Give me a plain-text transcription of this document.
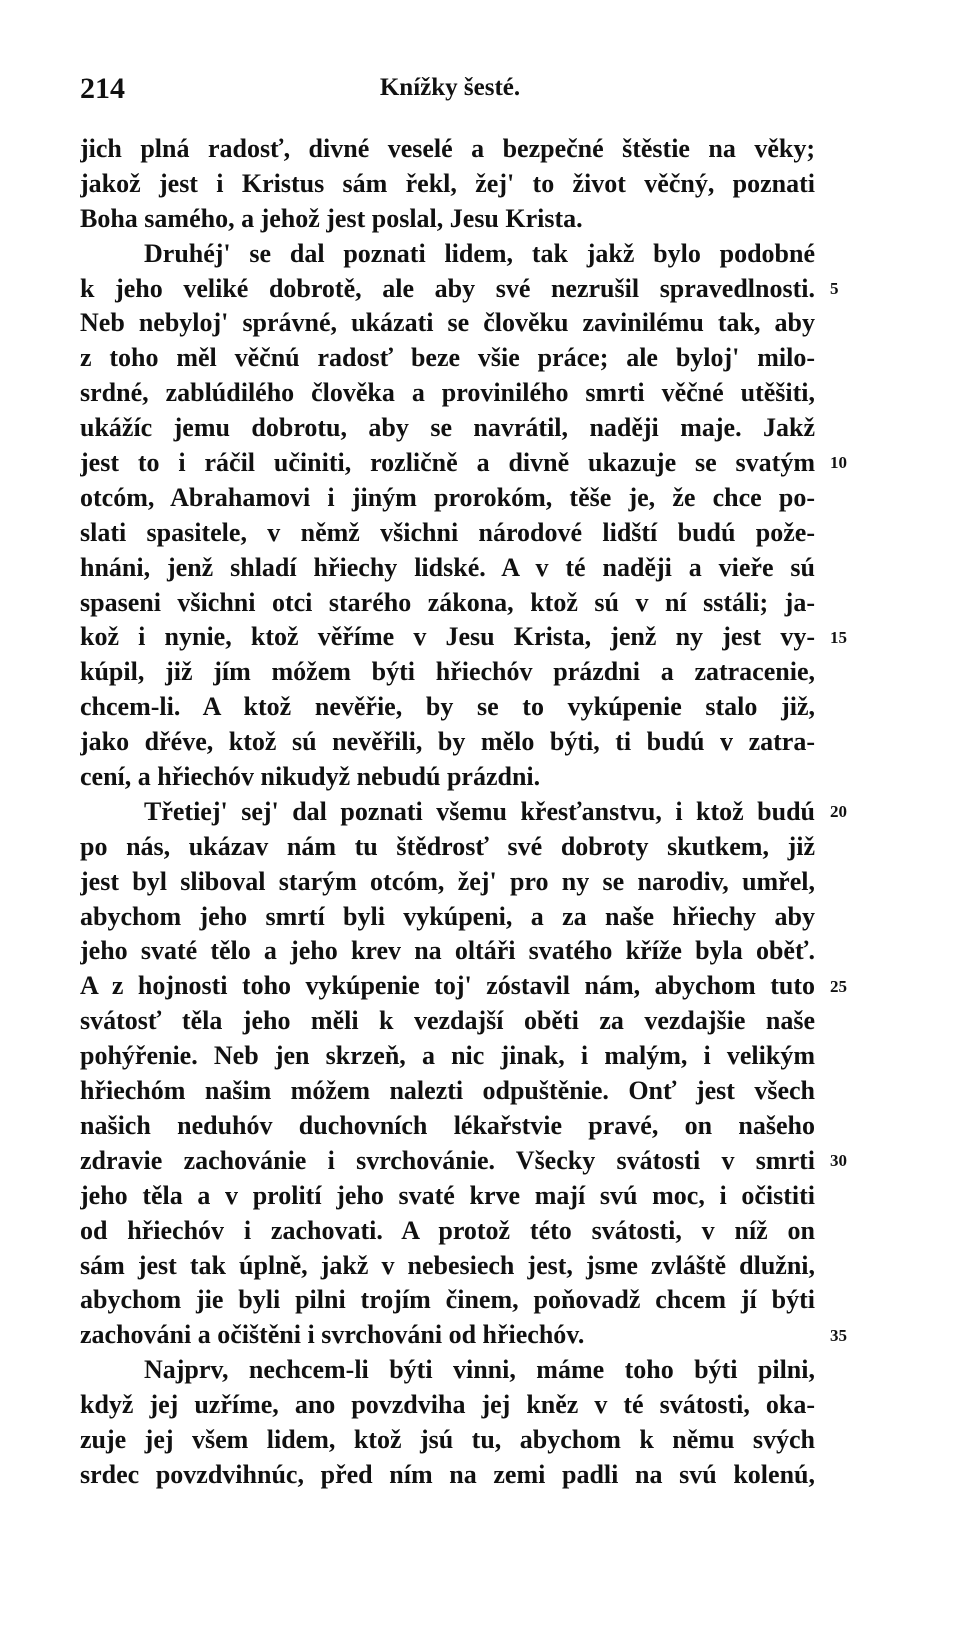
214	Knížky šesté.
jich plná radosť, divné veselé a bezpečné štěstie na věky;
jakož jest i Kristus sám řekl, žej' to život věčný, poznati
Boha samého, a jehož jest poslal, Jesu Krista.
Druhéj' se dal poznati lidem, tak jakž bylo podobné
k jeho veliké dobrotě, ale aby své nezrušil spravedlnosti.
Neb nebyloj' správné, ukázati se člověku zavinilému tak, aby
z toho měl věčnú radosť beze všie práce; ale byloj' milo-
srdné, zablúdilého člověka a provinilého smrti věčné utěšiti,
ukážíc jemu dobrotu, aby se navrátil, naději maje. Jakž
jest to i ráčil učiniti, rozličně a divně ukazuje se svatým
otcóm, Abrahamovi i jiným prorokóm, těše je, že chce po-
slati spasitele, v němž všichni národové lidští budú pože-
hnáni, jenž shladí hřiechy lidské. A v té naději a vieře sú
spaseni všichni otci starého zákona, ktož sú v ní sstáli; ja-
kož i nynie, ktož věříme v Jesu Krista, jenž ny jest vy-
kúpil, již jím móžem býti hřiechóv prázdni a zatracenie,
chcem-li. A ktož nevěřie, by se to vykúpenie stalo již,
jako dřéve, ktož sú nevěřili, by mělo býti, ti budú v zatra-
cení, a hřiechóv nikudyž nebudú prázdni.
Třetiej' sej' dal poznati všemu křesťanstvu, i ktož budú
po nás, ukázav nám tu štědrosť své dobroty skutkem, již
jest byl slibоval starým otcóm, žej' pro ny se narodiv, umřel,
abychom jeho smrtí byli vykúpeni, a za naše hřiechy aby
jeho svaté tělo a jeho krev na oltáři svatého kříže byla oběť.
A z hojnosti toho vykúpenie toj' zóstavil nám, abychom tuto
svátosť těla jeho měli k vezdajší oběti za vezdajšie naše
pohýřenie. Neb jen skrzeň, a nic jinak, i malým, i velikým
hřiechóm našim móžem nalezti odpuštěnie. Onť jest všech
našich neduhóv duchovních lékařstvie pravé, on našeho
zdravie zachovánie i svrchovánie. Všecky svátosti v smrti
jeho těla a v prolití jeho svaté krve mají svú moc, i očistiti
od hřiechóv i zachovati. A protož této svátosti, v níž on
sám jest tak úplně, jakž v nebesiech jest, jsme zvláště dlužni,
abychom jie byli pilni trojím činem, poňovadž chcem jí býti
zachováni a očištěni i svrchováni od hřiechóv.
Najprv, nechcem-li býti vinni, máme toho býti pilni,
když jej uzříme, ano povzdviha jej kněz v té svátosti, oka-
zuje jej všem lidem, ktož jsú tu, abychom k němu svých
srdec povzdvihnúc, před ním na zemi padli na svú kolenú,
5
10
15
20
25
30
35
